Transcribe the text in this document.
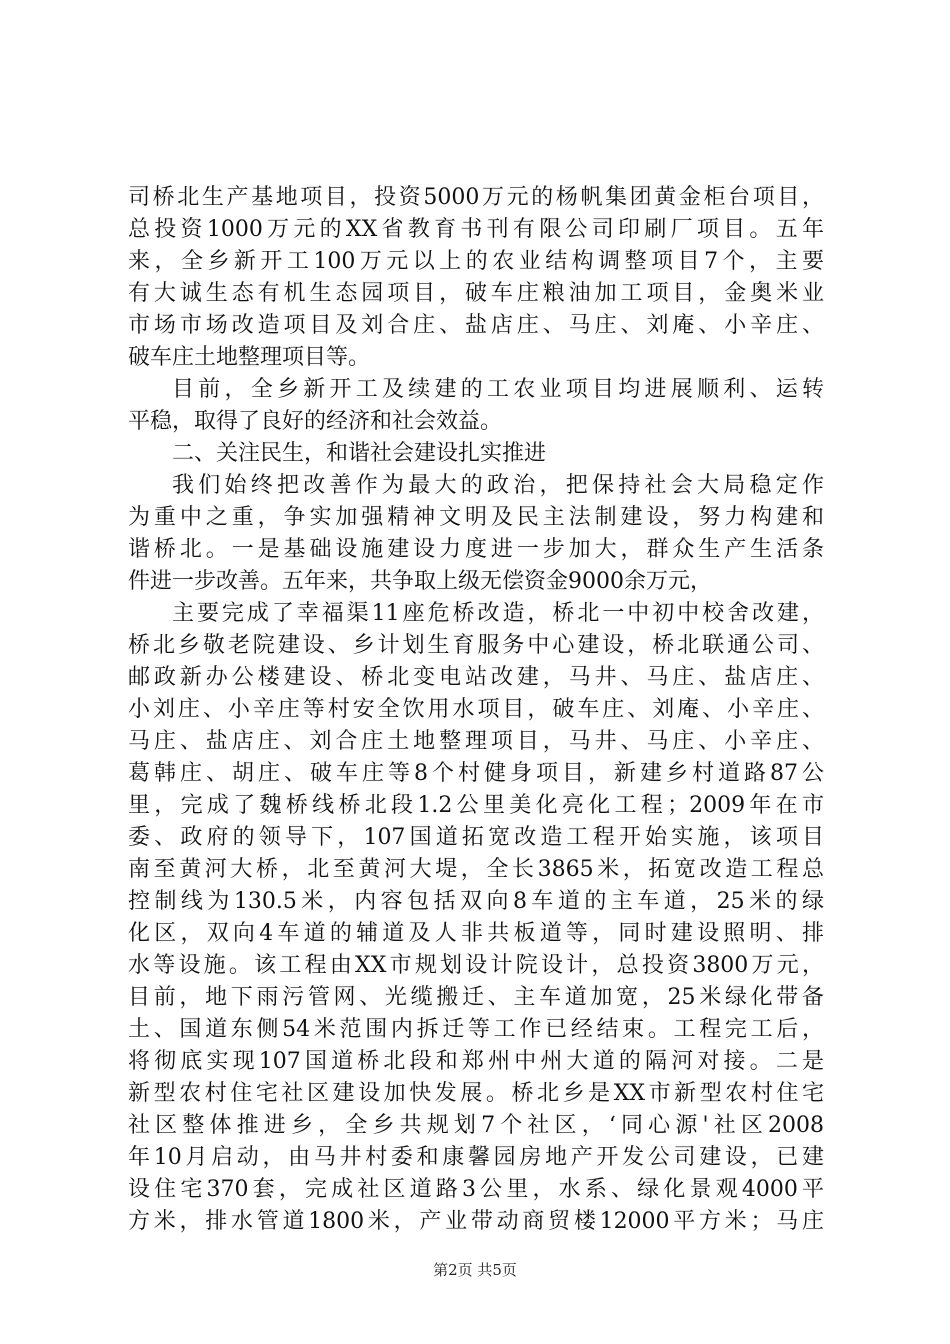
司桥北生产基地项目，投资5000万元的杨帆集团黄金柜台项目，
总投资1000万元的XX省教育书刊有限公司印刷厂项目。五年
来，全乡新开工100万元以上的农业结构调整项目7个，主要
有大诚生态有机生态园项目，破车庄粮油加工项目，金奥米业
市场市场改造项目及刘合庄、盐店庄、马庄、刘庵、小辛庄、
破车庄土地整理项目等。
目前，全乡新开工及续建的工农业项目均进展顺利、运转
平稳，取得了良好的经济和社会效益。
二、关注民生，和谐社会建设扎实推进
我们始终把改善作为最大的政治，把保持社会大局稳定作
为重中之重，争实加强精神文明及民主法制建设，努力构建和
谐桥北。一是基础设施建设力度进一步加大，群众生产生活条
件进一步改善。五年来，共争取上级无偿资金9000余万元，
主要完成了幸福渠11座危桥改造，桥北一中初中校舍改建，
桥北乡敬老院建设、乡计划生育服务中心建设，桥北联通公司、
邮政新办公楼建设、桥北变电站改建，马井、马庄、盐店庄、
小刘庄、小辛庄等村安全饮用水项目，破车庄、刘庵、小辛庄、
马庄、盐店庄、刘合庄土地整理项目，马井、马庄、小辛庄、
葛韩庄、胡庄、破车庄等8个村健身项目，新建乡村道路87公
里，完成了魏桥线桥北段1.2公里美化亮化工程；2009年在市
委、政府的领导下，107国道拓宽改造工程开始实施，该项目
南至黄河大桥，北至黄河大堤，全长3865米，拓宽改造工程总
控制线为130.5米，内容包括双向8车道的主车道，25米的绿
化区，双向4车道的辅道及人非共板道等，同时建设照明、排
水等设施。该工程由XX市规划设计院设计，总投资3800万元，
目前，地下雨污管网、光缆搬迁、主车道加宽，25米绿化带备
土、国道东侧54米范围内拆迁等工作已经结束。工程完工后，
将彻底实现107国道桥北段和郑州中州大道的隔河对接。二是
新型农村住宅社区建设加快发展。桥北乡是XX市新型农村住宅
社区整体推进乡，全乡共规划7个社区，‘同心源'社区2008
年10月启动，由马井村委和康馨园房地产开发公司建设，已建
设住宅370套，完成社区道路3公里，水系、绿化景观4000平
方米，排水管道1800米，产业带动商贸楼12000平方米；马庄
第2页 共5页
